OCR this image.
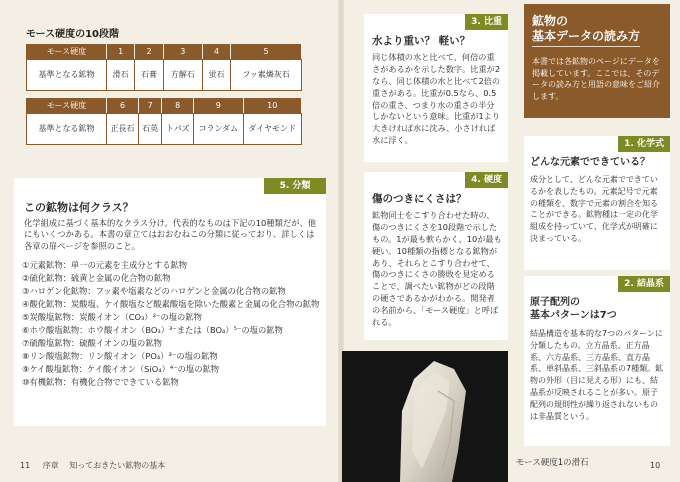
モース硬度の10段階
モース硬度	1	2	3	4	5
基準となる鉱物	滑石	石膏	方解石	蛍石	フッ素燐灰石
モース硬度	6	7	8	9	10
基準となる鉱物	正長石	石英	トパズ	コランダム	ダイヤモンド
5. 分類
この鉱物は何クラス？
化学組成に基づく基本的なクラス分け。代表的なものは下記の10種類だが、他にもいくつかある。本書の章立てはおおむねこの分類に従っており、詳しくは各章の扉ページを参照のこと。
①元素鉱物：単一の元素を主成分とする鉱物
②硫化鉱物：硫黄と金属の化合物の鉱物
③ハロゲン化鉱物：フッ素や塩素などのハロゲンと金属の化合物の鉱物
④酸化鉱物：炭酸塩、ケイ酸塩など酸素酸塩を除いた酸素と金属の化合物の鉱物
⑤炭酸塩鉱物：炭酸イオン（CO₃）²⁻の塩の鉱物
⑥ホウ酸塩鉱物：ホウ酸イオン（BO₃）³⁻または（BO₄）⁵⁻の塩の鉱物
⑦硫酸塩鉱物：硫酸イオンの塩の鉱物
⑧リン酸塩鉱物：リン酸イオン（PO₄）³⁻の塩の鉱物
⑨ケイ酸塩鉱物：ケイ酸イオン（SiO₄）⁴⁻の塩の鉱物
⑩有機鉱物：有機化合物でできている鉱物
11 序章 知っておきたい鉱物の基本
3. 比重
水より重い？ 軽い？
同じ体積の水と比べて、何倍の重さがあるかを示した数字。比重が2なら、同じ体積の水と比べて2倍の重さがある。比重が0.5なら、0.5倍の重さ、つまり水の重さの半分しかないという意味。比重が1より大きければ水に沈み、小さければ水に浮く。
4. 硬度
傷のつきにくさは？
鉱物同士をこすり合わせた時の、傷のつきにくさを10段階で示したもの。1が最も軟らかく、10が最も硬い。10種類の指標となる鉱物があり、それらとこすり合わせて、傷のつきにくさの勝敗を見定めることで、調べたい鉱物がどの段階の硬さであるかがわかる。開発者の名前から、「モース硬度」と呼ばれる。
鉱物の
基本データの読み方
本書では各鉱物のページにデータを掲載しています。ここでは、そのデータの読み方と用語の意味をご紹介します。
1. 化学式
どんな元素でできている？
成分として、どんな元素でできているかを表したもの。元素記号で元素の種類を、数字で元素の割合を知ることができる。鉱物種は一定の化学組成を持っていて、化学式が明確に決まっている。
2. 結晶系
原子配列の
基本パターンは7つ
結晶構造を基本的な7つのパターンに分類したもの。立方晶系、正方晶系、六方晶系、三方晶系、直方晶系、単斜晶系、三斜晶系の7種類。鉱物の外形（目に見える形）にも、結晶系が反映されることが多い。原子配列の規則性が繰り返されないものは非晶質という。
モース硬度1の滑石	10
